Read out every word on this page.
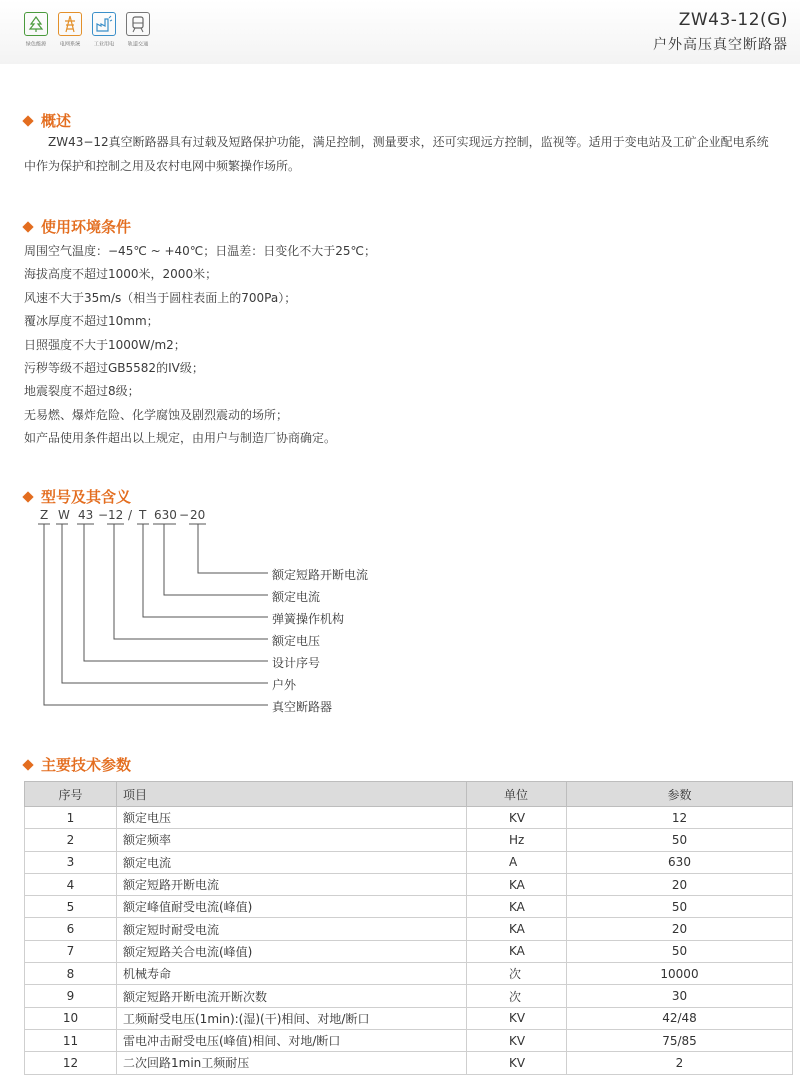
绿色能源 电网系统 工业用电 轨道交通
ZW43-12(G)
户外高压真空断路器
概述
ZW43−12真空断路器具有过载及短路保护功能，满足控制，测量要求，还可实现远方控制，监视等。适用于变电站及工矿企业配电系统中作为保护和控制之用及农村电网中频繁操作场所。
使用环境条件
周围空气温度：−45℃ ~ +40℃；日温差：日变化不大于25℃；
海拔高度不超过1000米，2000米；
风速不大于35m/s（相当于圆柱表面上的700Pa）；
覆冰厚度不超过10mm；
日照强度不大于1000W/m2；
污秽等级不超过GB5582的IV级；
地震裂度不超过8级；
无易燃、爆炸危险、化学腐蚀及剧烈震动的场所；
如产品使用条件超出以上规定，由用户与制造厂协商确定。
型号及其含义
Z W 43 − 12 / T 630 − 20
额定短路开断电流
额定电流
弹簧操作机构
额定电压
设计序号
户外
真空断路器
主要技术参数
序号	项目	单位	参数
1	额定电压	KV	12
2	额定频率	Hz	50
3	额定电流	A	630
4	额定短路开断电流	KA	20
5	额定峰值耐受电流(峰值)	KA	50
6	额定短时耐受电流	KA	20
7	额定短路关合电流(峰值)	KA	50
8	机械寿命	次	10000
9	额定短路开断电流开断次数	次	30
10	工频耐受电压(1min):(湿)(干)相间、对地/断口	KV	42/48
11	雷电冲击耐受电压(峰值)相间、对地/断口	KV	75/85
12	二次回路1min工频耐压	KV	2
